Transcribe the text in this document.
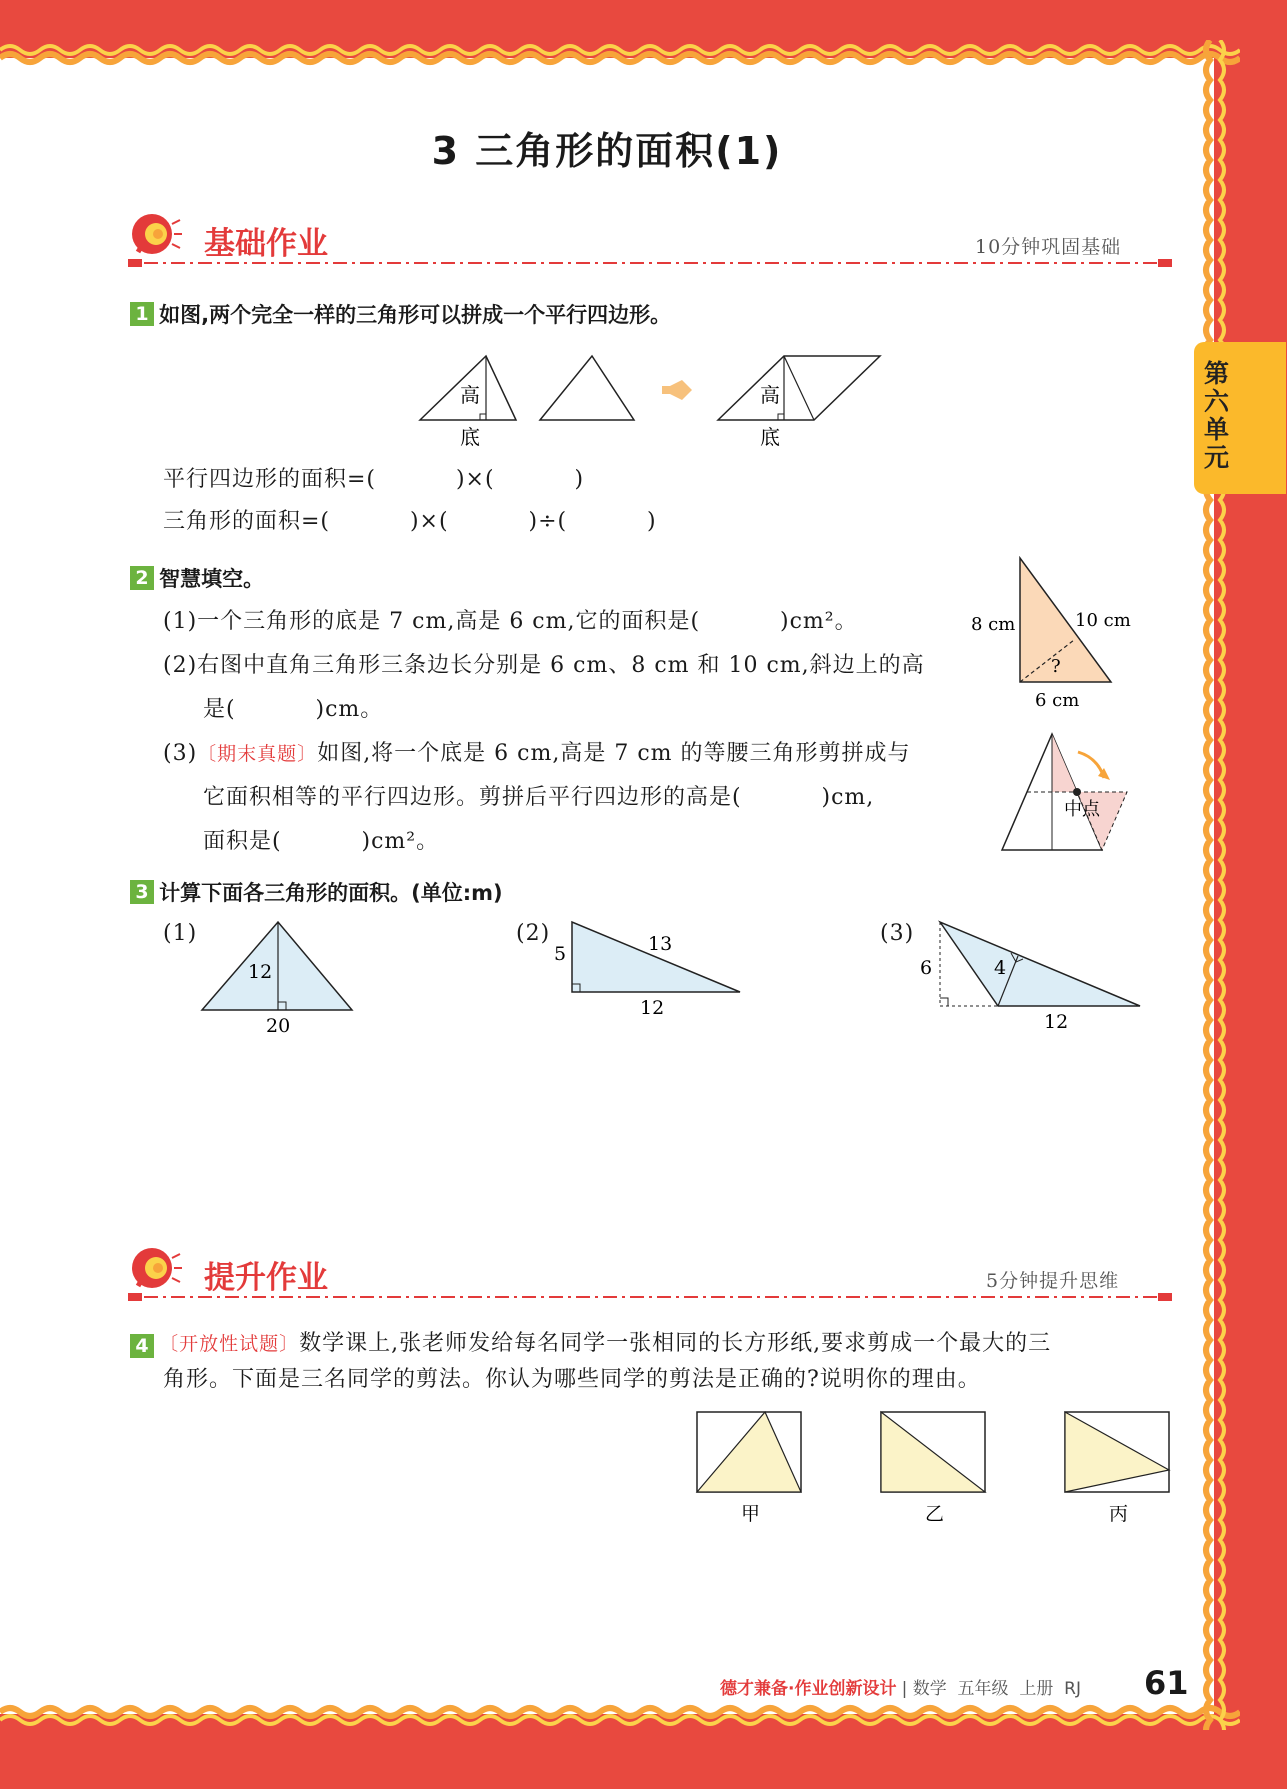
第六单元
3 三角形的面积(1)
基础作业	10分钟巩固基础
1 如图,两个完全一样的三角形可以拼成一个平行四边形。
高
底
高
底
平行四边形的面积=(          )×(          )
三角形的面积=(          )×(          )÷(          )
2 智慧填空。
(1)一个三角形的底是 7 cm,高是 6 cm,它的面积是(          )cm²。
(2)右图中直角三角形三条边长分别是 6 cm、8 cm 和 10 cm,斜边上的高
是(          )cm。
(3)〔期末真题〕如图,将一个底是 6 cm,高是 7 cm 的等腰三角形剪拼成与
它面积相等的平行四边形。剪拼后平行四边形的高是(          )cm,
面积是(          )cm²。
8 cm	10 cm
6 cm
?
中点
3 计算下面各三角形的面积。(单位:m)
(1)
12
20
(2)
5	13
12
(3)
6	4
12
提升作业	5分钟提升思维
4 〔开放性试题〕数学课上,张老师发给每名同学一张相同的长方形纸,要求剪成一个最大的三
角形。下面是三名同学的剪法。你认为哪些同学的剪法是正确的?说明你的理由。
甲	乙	丙
德才兼备·作业创新设计 | 数学  五年级  上册  RJ 61
